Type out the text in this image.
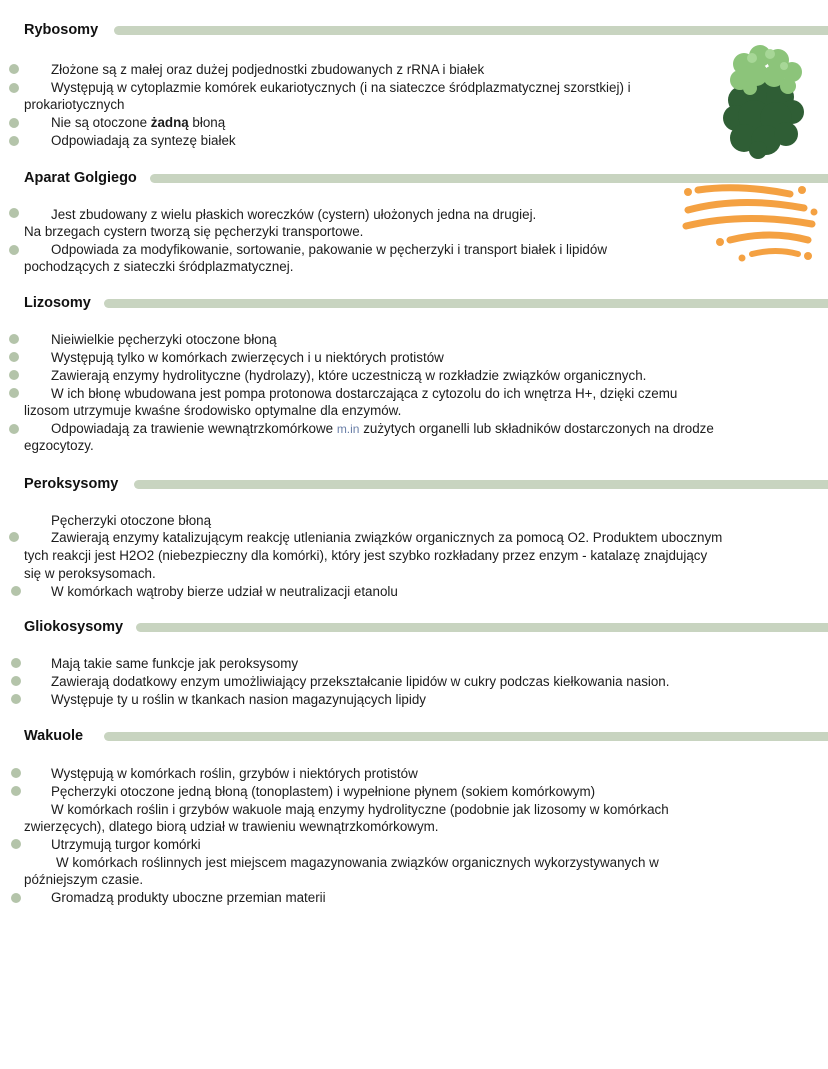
Rybosomy
Złożone są z małej oraz dużej podjednostki zbudowanych z rRNA i białek
Występują w cytoplazmie komórek eukariotycznych (i na siateczce śródplazmatycznej szorstkiej) i
prokariotycznych
Nie są otoczone żadną błoną
Odpowiadają za syntezę białek
Aparat Golgiego
Jest zbudowany z wielu płaskich woreczków (cystern) ułożonych jedna na drugiej.
Na brzegach cystern tworzą się pęcherzyki transportowe.
Odpowiada za modyfikowanie, sortowanie, pakowanie w pęcherzyki i transport białek i lipidów
pochodzących z siateczki śródplazmatycznej.
Lizosomy
Nieiwielkie pęcherzyki otoczone błoną
Występują tylko w komórkach zwierzęcych i u niektórych protistów
Zawierają enzymy hydrolityczne (hydrolazy), które uczestniczą w rozkładzie związków organicznych.
W ich błonę wbudowana jest pompa protonowa dostarczająca z cytozolu do ich wnętrza H+, dzięki czemu
lizosom utrzymuje kwaśne środowisko optymalne dla enzymów.
Odpowiadają za trawienie wewnątrzkomórkowe m.in zużytych organelli lub składników dostarczonych na drodze
egzocytozy.
Peroksysomy
Pęcherzyki otoczone błoną
Zawierają enzymy katalizującym reakcję utleniania związków organicznych za pomocą O2. Produktem ubocznym
tych reakcji jest H2O2 (niebezpieczny dla komórki), który jest szybko rozkładany przez enzym - katalazę znajdujący
się w peroksysomach.
W komórkach wątroby bierze udział w neutralizacji etanolu
Gliokosysomy
Mają takie same funkcje jak peroksysomy
Zawierają dodatkowy enzym umożliwiający przekształcanie lipidów w cukry podczas kiełkowania nasion.
Występuje ty u roślin w tkankach nasion magazynujących lipidy
Wakuole
Występują w komórkach roślin, grzybów i niektórych protistów
Pęcherzyki otoczone jedną błoną (tonoplastem) i wypełnione płynem (sokiem komórkowym)
W komórkach roślin i grzybów wakuole mają enzymy hydrolityczne (podobnie jak lizosomy w komórkach
zwierzęcych), dlatego biorą udział w trawieniu wewnątrzkomórkowym.
Utrzymują turgor komórki
W komórkach roślinnych jest miejscem magazynowania związków organicznych wykorzystywanych w
późniejszym czasie.
Gromadzą produkty uboczne przemian materii
